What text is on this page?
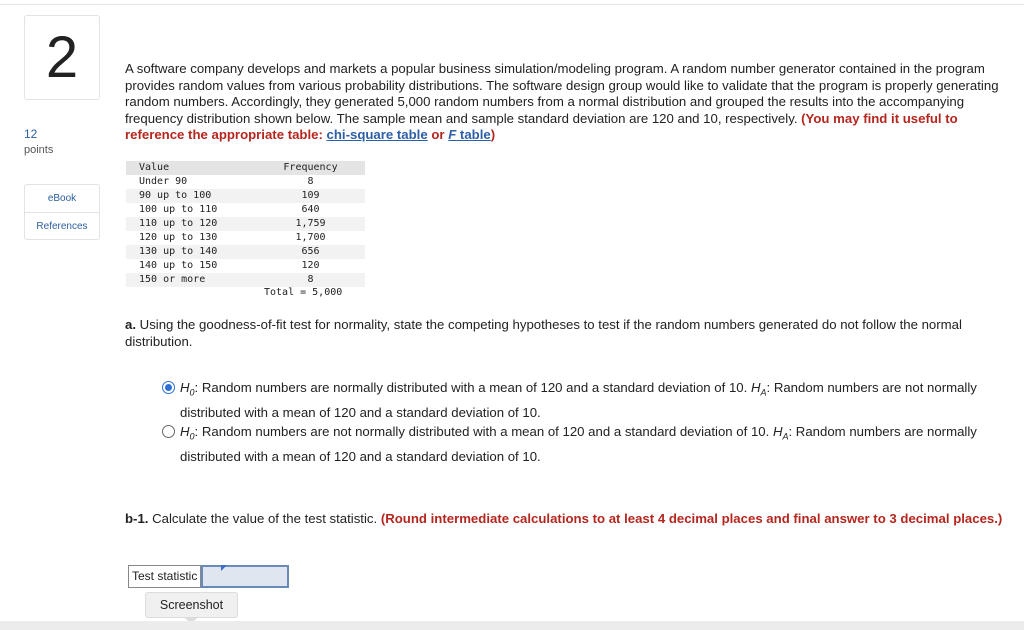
2
12
points
eBook
References
A software company develops and markets a popular business simulation/modeling program. A random number generator contained in the program provides random values from various probability distributions. The software design group would like to validate that the program is properly generating random numbers. Accordingly, they generated 5,000 random numbers from a normal distribution and grouped the results into the accompanying frequency distribution shown below. The sample mean and sample standard deviation are 120 and 10, respectively. (You may find it useful to reference the appropriate table: chi-square table or F table)
Value	Frequency
Under 90	8
90 up to 100	109
100 up to 110	640
110 up to 120	1,759
120 up to 130	1,700
130 up to 140	656
140 up to 150	120
150 or more	8
Total = 5,000
a. Using the goodness-of-fit test for normality, state the competing hypotheses to test if the random numbers generated do not follow the normal distribution.
$H_0$: Random numbers are normally distributed with a mean of 120 and a standard deviation of 10. $H_A$: Random numbers are not normally distributed with a mean of 120 and a standard deviation of 10.
$H_0$: Random numbers are not normally distributed with a mean of 120 and a standard deviation of 10. $H_A$: Random numbers are normally distributed with a mean of 120 and a standard deviation of 10.
b-1. Calculate the value of the test statistic. (Round intermediate calculations to at least 4 decimal places and final answer to 3 decimal places.)
Test statistic
Screenshot
